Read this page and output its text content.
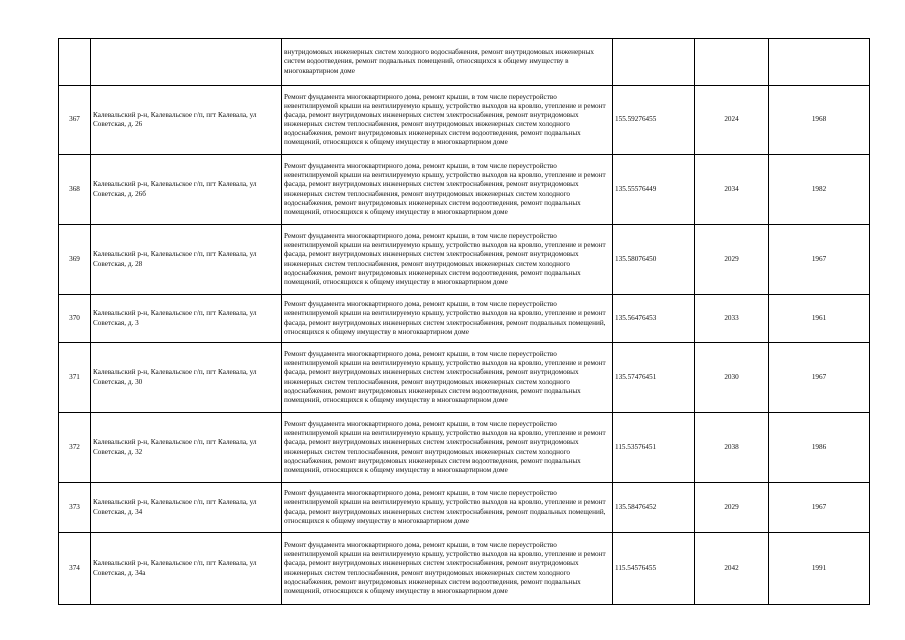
		внутридомовых инженерных систем холодного водоснабжения, ремонт внутридомовых инженерных систем водоотведения, ремонт подвальных помещений, относящихся к общему имуществу в многоквартирном доме			
367	Калевальский р-н, Калевальское г/п, пгт Калевала, ул Советская, д. 26	Ремонт фундамента многоквартирного дома, ремонт крыши, в том числе переустройство невентилируемой крыши на вентилируемую крышу, устройство выходов на кровлю, утепление и ремонт фасада, ремонт внутридомовых инженерных систем электроснабжения, ремонт внутридомовых инженерных систем теплоснабжения, ремонт внутридомовых инженерных систем холодного водоснабжения, ремонт внутридомовых инженерных систем водоотведения, ремонт подвальных помещений, относящихся к общему имуществу в многоквартирном доме	155.59276455	2024	1968
368	Калевальский р-н, Калевальское г/п, пгт Калевала, ул Советская, д. 26б	Ремонт фундамента многоквартирного дома, ремонт крыши, в том числе переустройство невентилируемой крыши на вентилируемую крышу, устройство выходов на кровлю, утепление и ремонт фасада, ремонт внутридомовых инженерных систем электроснабжения, ремонт внутридомовых инженерных систем теплоснабжения, ремонт внутридомовых инженерных систем холодного водоснабжения, ремонт внутридомовых инженерных систем водоотведения, ремонт подвальных помещений, относящихся к общему имуществу в многоквартирном доме	135.55576449	2034	1982
369	Калевальский р-н, Калевальское г/п, пгт Калевала, ул Советская, д. 28	Ремонт фундамента многоквартирного дома, ремонт крыши, в том числе переустройство невентилируемой крыши на вентилируемую крышу, устройство выходов на кровлю, утепление и ремонт фасада, ремонт внутридомовых инженерных систем электроснабжения, ремонт внутридомовых инженерных систем теплоснабжения, ремонт внутридомовых инженерных систем холодного водоснабжения, ремонт внутридомовых инженерных систем водоотведения, ремонт подвальных помещений, относящихся к общему имуществу в многоквартирном доме	135.58076450	2029	1967
370	Калевальский р-н, Калевальское г/п, пгт Калевала, ул Советская, д. 3	Ремонт фундамента многоквартирного дома, ремонт крыши, в том числе переустройство невентилируемой крыши на вентилируемую крышу, устройство выходов на кровлю, утепление и ремонт фасада, ремонт внутридомовых инженерных систем электроснабжения, ремонт подвальных помещений, относящихся к общему имуществу в многоквартирном доме	135.56476453	2033	1961
371	Калевальский р-н, Калевальское г/п, пгт Калевала, ул Советская, д. 30	Ремонт фундамента многоквартирного дома, ремонт крыши, в том числе переустройство невентилируемой крыши на вентилируемую крышу, устройство выходов на кровлю, утепление и ремонт фасада, ремонт внутридомовых инженерных систем электроснабжения, ремонт внутридомовых инженерных систем теплоснабжения, ремонт внутридомовых инженерных систем холодного водоснабжения, ремонт внутридомовых инженерных систем водоотведения, ремонт подвальных помещений, относящихся к общему имуществу в многоквартирном доме	135.57476451	2030	1967
372	Калевальский р-н, Калевальское г/п, пгт Калевала, ул Советская, д. 32	Ремонт фундамента многоквартирного дома, ремонт крыши, в том числе переустройство невентилируемой крыши на вентилируемую крышу, устройство выходов на кровлю, утепление и ремонт фасада, ремонт внутридомовых инженерных систем электроснабжения, ремонт внутридомовых инженерных систем теплоснабжения, ремонт внутридомовых инженерных систем холодного водоснабжения, ремонт внутридомовых инженерных систем водоотведения, ремонт подвальных помещений, относящихся к общему имуществу в многоквартирном доме	115.53576451	2038	1986
373	Калевальский р-н, Калевальское г/п, пгт Калевала, ул Советская, д. 34	Ремонт фундамента многоквартирного дома, ремонт крыши, в том числе переустройство невентилируемой крыши на вентилируемую крышу, устройство выходов на кровлю, утепление и ремонт фасада, ремонт внутридомовых инженерных систем электроснабжения, ремонт подвальных помещений, относящихся к общему имуществу в многоквартирном доме	135.58476452	2029	1967
374	Калевальский р-н, Калевальское г/п, пгт Калевала, ул Советская, д. 34а	Ремонт фундамента многоквартирного дома, ремонт крыши, в том числе переустройство невентилируемой крыши на вентилируемую крышу, устройство выходов на кровлю, утепление и ремонт фасада, ремонт внутридомовых инженерных систем электроснабжения, ремонт внутридомовых инженерных систем теплоснабжения, ремонт внутридомовых инженерных систем холодного водоснабжения, ремонт внутридомовых инженерных систем водоотведения, ремонт подвальных помещений, относящихся к общему имуществу в многоквартирном доме	115.54576455	2042	1991
